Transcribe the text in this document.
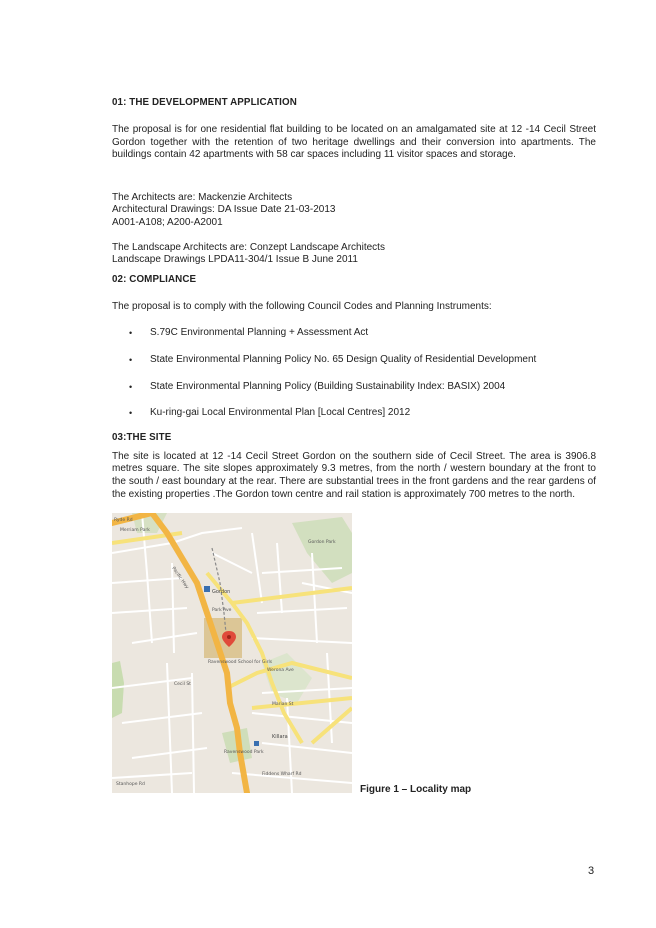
01: THE DEVELOPMENT APPLICATION

The proposal is for one residential flat building to be located on an amalgamated site at 12 -14 Cecil Street Gordon together with the retention of two heritage dwellings and their conversion into apartments. The buildings contain 42 apartments with 58 car spaces including 11 visitor spaces and storage.

The Architects are: Mackenzie Architects
Architectural Drawings: DA Issue Date 21-03-2013
A001-A108; A200-A2001
The Landscape Architects are: Conzept Landscape Architects
Landscape Drawings LPDA11-304/1 Issue B June 2011
02: COMPLIANCE

The proposal is to comply with the following Council Codes and Planning Instruments:

• S.79C Environmental Planning + Assessment Act
• State Environmental Planning Policy No. 65 Design Quality of Residential Development
• State Environmental Planning Policy (Building Sustainability Index: BASIX) 2004
• Ku-ring-gai Local Environmental Plan [Local Centres] 2012
03:THE SITE

The site is located at 12 -14 Cecil Street Gordon on the southern side of Cecil Street. The area is 3906.8 metres square. The site slopes approximately 9.3 metres, from the north / western boundary at the front to the south / east boundary at the rear. There are substantial trees in the front gardens and the rear gardens of the existing properties .The Gordon town centre and rail station is approximately 700 metres to the north.

Gordon
Gordon Park
Ravenswood School for Girls
Killara
Ravenswood Park
Pacific Hwy
Cecil St
Park Ave
Ryde Rd
Merriam Park
Werona Ave
Fiddens Wharf Rd
Marian St
Stanhope Rd	Figure 1 – Locality map
3
